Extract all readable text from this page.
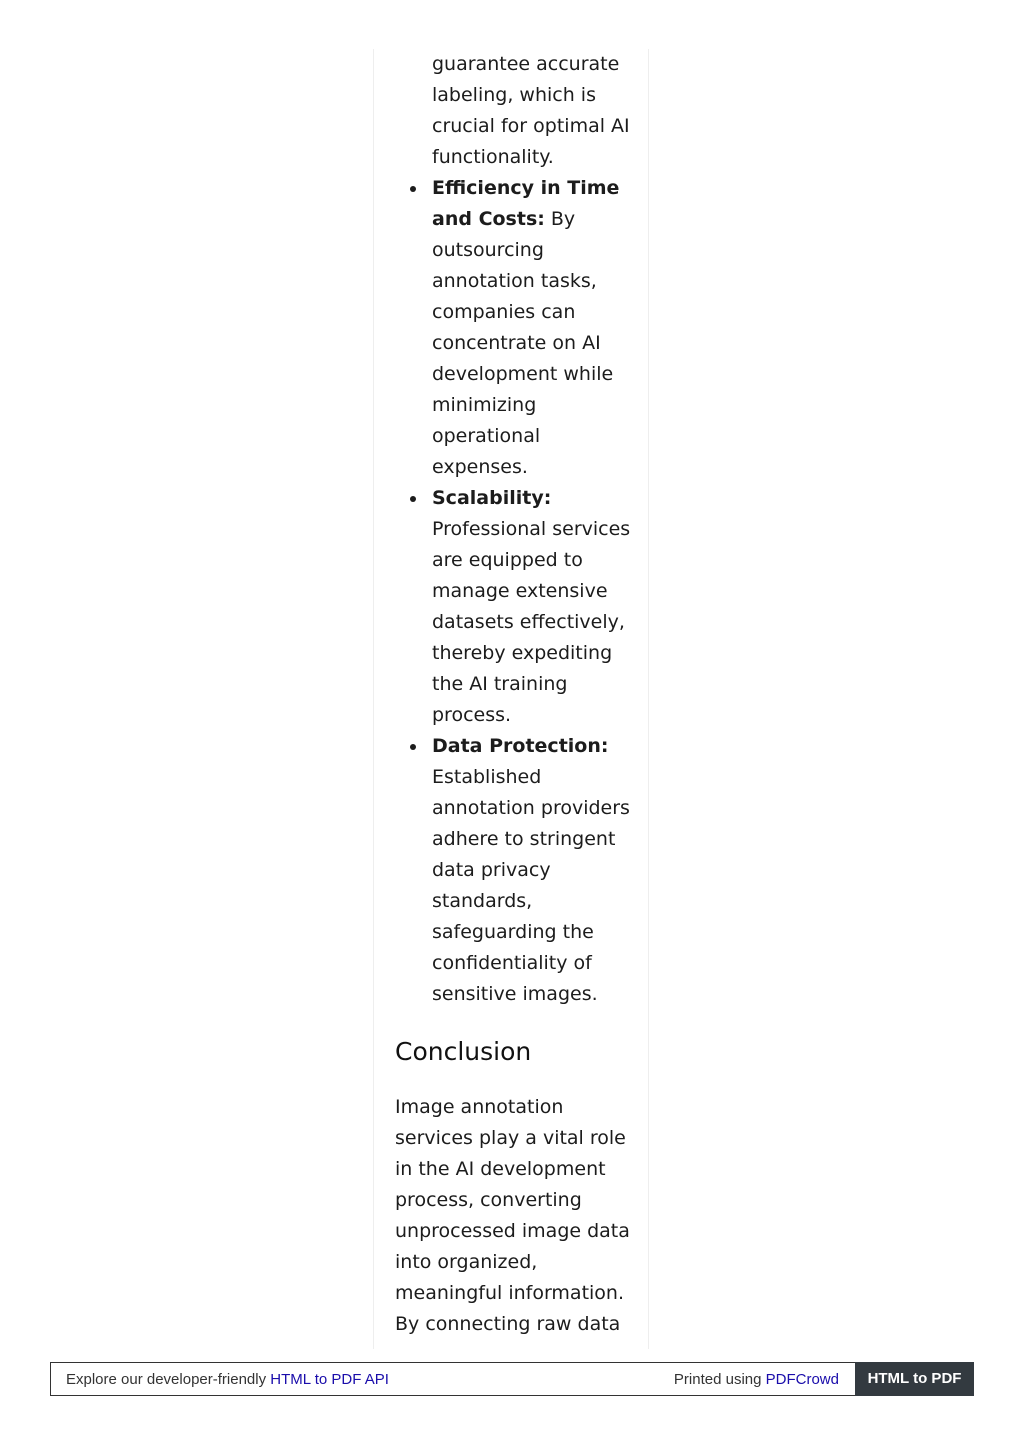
guarantee accurate labeling, which is crucial for optimal AI functionality.
Efficiency in Time and Costs: By outsourcing annotation tasks, companies can concentrate on AI development while minimizing operational expenses.
Scalability: Professional services are equipped to manage extensive datasets effectively, thereby expediting the AI training process.
Data Protection: Established annotation providers adhere to stringent data privacy standards, safeguarding the confidentiality of sensitive images.
Conclusion

Image annotation services play a vital role in the AI development process, converting unprocessed image data into organized, meaningful information. By connecting raw data

Explore our developer-friendly HTML to PDF API	Printed using PDFCrowd	HTML to PDF
